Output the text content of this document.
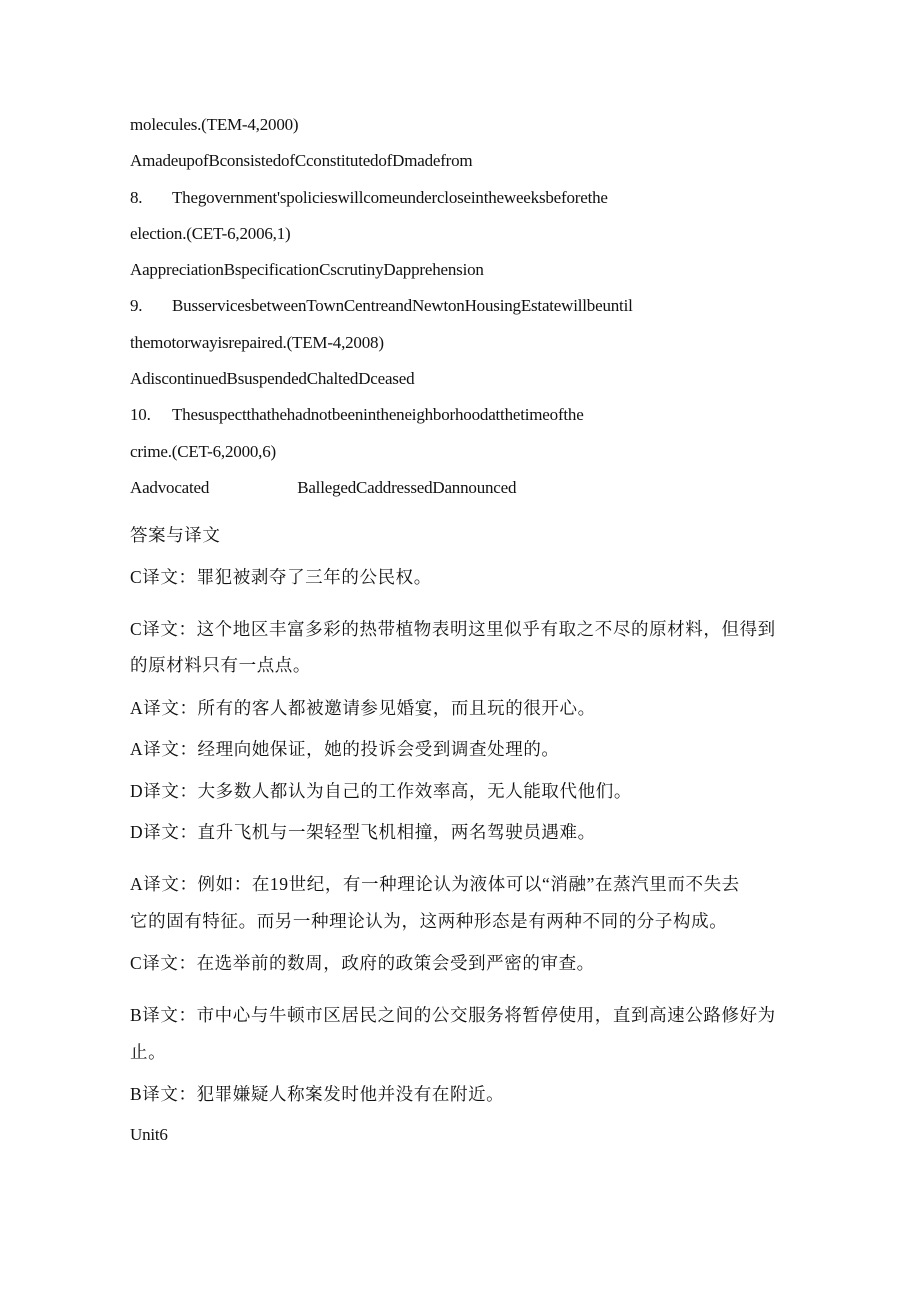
molecules.(TEM-4,2000)
AmadeupofBconsistedofCconstitutedofDmadefrom
8. Thegovernment'spolicieswillcomeundercloseintheweeksbeforethe
election.(CET-6,2006,1)
AappreciationBspecificationCscrutinyDapprehension
9. BusservicesbetweenTownCentreandNewtonHousingEstatewillbeuntil
themotorwayisrepaired.(TEM-4,2008)
AdiscontinuedBsuspendedChaltedDceased
10. Thesuspectthathehadnotbeenintheneighborhoodatthetimeofthe
crime.(CET-6,2000,6)
Aadvocated	BallegedCaddressedDannounced
答案与译文
C译文：罪犯被剥夺了三年的公民权。
C译文：这个地区丰富多彩的热带植物表明这里似乎有取之不尽的原材料，但得到
的原材料只有一点点。
A译文：所有的客人都被邀请参见婚宴，而且玩的很开心。
A译文：经理向她保证，她的投诉会受到调查处理的。
D译文：大多数人都认为自己的工作效率高，无人能取代他们。
D译文：直升飞机与一架轻型飞机相撞，两名驾驶员遇难。
A译文：例如：在19世纪，有一种理论认为液体可以“消融”在蒸汽里而不失去
它的固有特征。而另一种理论认为，这两种形态是有两种不同的分子构成。
C译文：在选举前的数周，政府的政策会受到严密的审查。
B译文：市中心与牛顿市区居民之间的公交服务将暂停使用，直到高速公路修好为
止。
B译文：犯罪嫌疑人称案发时他并没有在附近。
Unit6
